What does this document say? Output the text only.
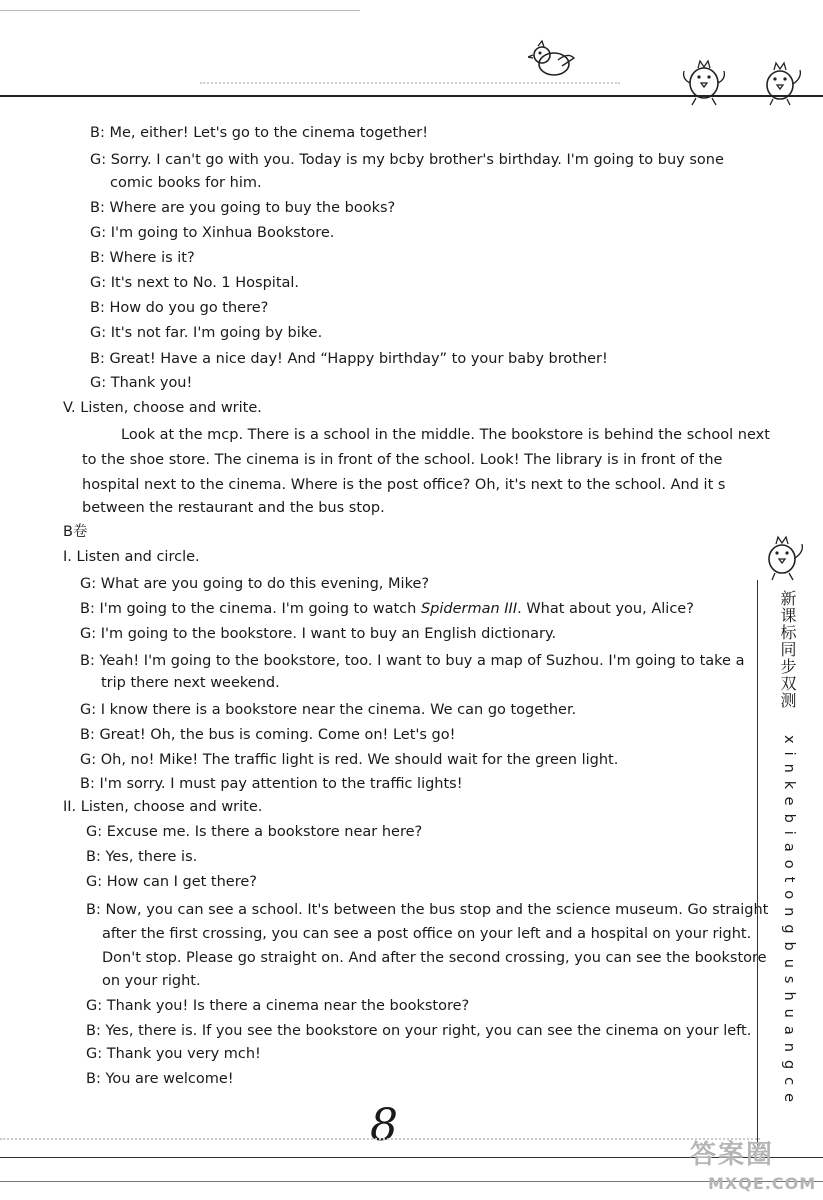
B: Me, either! Let's go to the cinema together!
G: Sorry. I can't go with you. Today is my bcby brother's birthday. I'm going to buy sone
comic books for him.
B: Where are you going to buy the books?
G: I'm going to Xinhua Bookstore.
B: Where is it?
G: It's next to No. 1 Hospital.
B: How do you go there?
G: It's not far. I'm going by bike.
B: Great! Have a nice day! And “Happy birthday” to your baby brother!
G: Thank you!
V. Listen, choose and write.
Look at the mcp. There is a school in the middle. The bookstore is behind the school next
to the shoe store. The cinema is in front of the school. Look! The library is in front of the
hospital next to the cinema. Where is the post office? Oh, it's next to the school. And it s
between the restaurant and the bus stop.
B卷
I. Listen and circle.
G: What are you going to do this evening, Mike?
B: I'm going to the cinema. I'm going to watch Spiderman III. What about you, Alice?
G: I'm going to the bookstore. I want to buy an English dictionary.
B: Yeah! I'm going to the bookstore, too. I want to buy a map of Suzhou. I'm going to take a
trip there next weekend.
G: I know there is a bookstore near the cinema. We can go together.
B: Great! Oh, the bus is coming. Come on! Let's go!
G: Oh, no! Mike! The traffic light is red. We should wait for the green light.
B: I'm sorry. I must pay attention to the traffic lights!
II. Listen, choose and write.
G: Excuse me. Is there a bookstore near here?
B: Yes, there is.
G: How can I get there?
B: Now, you can see a school. It's between the bus stop and the science museum. Go straight
after the first crossing, you can see a post office on your left and a hospital on your right.
Don't stop. Please go straight on. And after the second crossing, you can see the bookstore
on your right.
G: Thank you! Is there a cinema near the bookstore?
B: Yes, there is. If you see the bookstore on your right, you can see the cinema on your left.
G: Thank you very mch!
B: You are welcome!
新课标同步双测
xinkebiaotongbushuangce
8
答案圈
MXQE.COM
